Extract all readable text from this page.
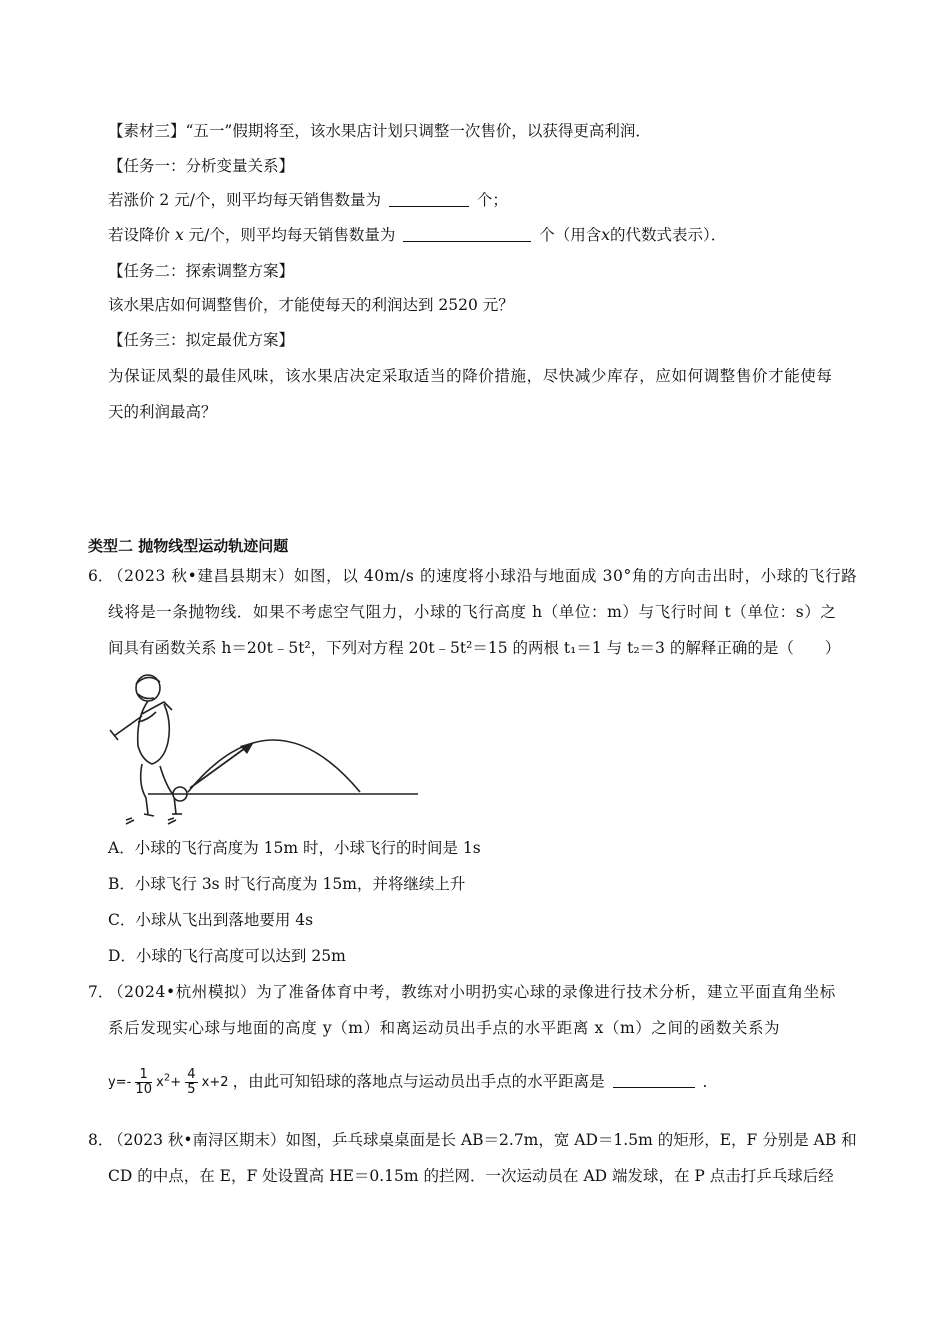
【素材三】“五一”假期将至，该水果店计划只调整一次售价，以获得更高利润．
【任务一：分析变量关系】
若涨价 2 元/个，则平均每天销售数量为	个；
若设降价 x 元/个，则平均每天销售数量为	个（用含x的代数式表示）．
【任务二：探索调整方案】
该水果店如何调整售价，才能使每天的利润达到 2520 元？
【任务三：拟定最优方案】
为保证凤梨的最佳风味，该水果店决定采取适当的降价措施，尽快减少库存，应如何调整售价才能使每
天的利润最高？
类型二 抛物线型运动轨迹问题
6．
（2023 秋•建昌县期末）如图，以 40m/s 的速度将小球沿与地面成 30°角的方向击出时，小球的飞行路
线将是一条抛物线．如果不考虑空气阻力，小球的飞行高度 h（单位：m）与飞行时间 t（单位：s）之
间具有函数关系 h＝20t﹣5t²，下列对方程 20t﹣5t²＝15 的两根 t₁＝1 与 t₂＝3 的解释正确的是（　　）
A．小球的飞行高度为 15m 时，小球飞行的时间是 1s
B．小球飞行 3s 时飞行高度为 15m，并将继续上升
C．小球从飞出到落地要用 4s
D．小球的飞行高度可以达到 25m
7．
（2024•杭州模拟）为了准备体育中考，教练对小明扔实心球的录像进行技术分析，建立平面直角坐标
系后发现实心球与地面的高度 y（m）和离运动员出手点的水平距离 x（m）之间的函数关系为
$y=- \frac{1}{10} x^2+ \frac{4}{5} x+2$ ，由此可知铅球的落地点与运动员出手点的水平距离是	．
8．
（2023 秋•南浔区期末）如图，乒乓球桌桌面是长 AB＝2.7m，宽 AD＝1.5m 的矩形，E，F 分别是 AB 和
CD 的中点，在 E，F 处设置高 HE＝0.15m 的拦网．一次运动员在 AD 端发球，在 P 点击打乒乓球后经
